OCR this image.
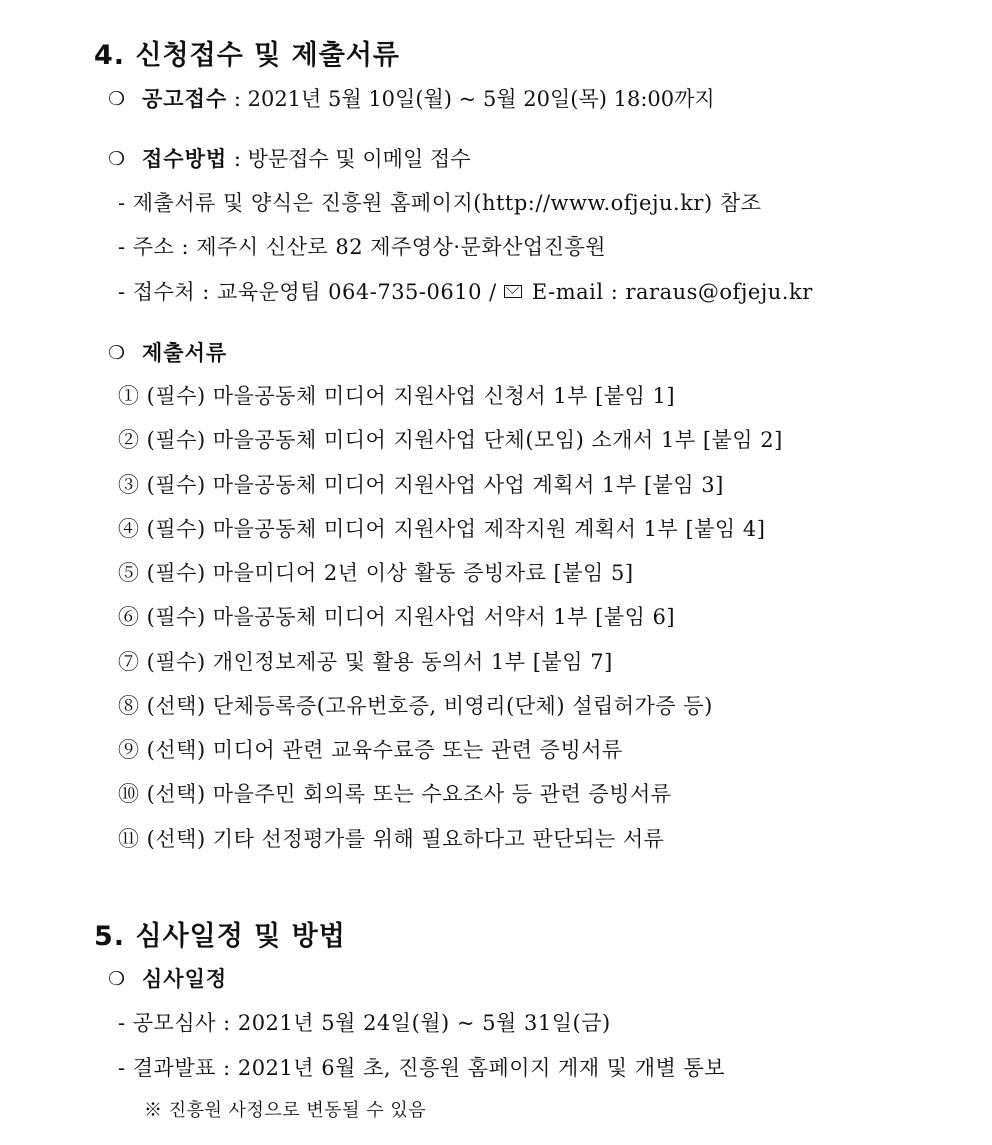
4. 신청접수 및 제출서류
❍ 공고접수 : 2021년 5월 10일(월) ~ 5월 20일(목) 18:00까지
❍ 접수방법 : 방문접수 및 이메일 접수
- 제출서류 및 양식은 진흥원 홈페이지(http://www.ofjeju.kr) 참조
- 주소 : 제주시 신산로 82 제주영상·문화산업진흥원
- 접수처 : 교육운영팀 064-735-0610 / E-mail : raraus@ofjeju.kr
❍ 제출서류
① (필수) 마을공동체 미디어 지원사업 신청서 1부 [붙임 1]
② (필수) 마을공동체 미디어 지원사업 단체(모임) 소개서 1부 [붙임 2]
③ (필수) 마을공동체 미디어 지원사업 사업 계획서 1부 [붙임 3]
④ (필수) 마을공동체 미디어 지원사업 제작지원 계획서 1부 [붙임 4]
⑤ (필수) 마을미디어 2년 이상 활동 증빙자료 [붙임 5]
⑥ (필수) 마을공동체 미디어 지원사업 서약서 1부 [붙임 6]
⑦ (필수) 개인정보제공 및 활용 동의서 1부 [붙임 7]
⑧ (선택) 단체등록증(고유번호증, 비영리(단체) 설립허가증 등)
⑨ (선택) 미디어 관련 교육수료증 또는 관련 증빙서류
⑩ (선택) 마을주민 회의록 또는 수요조사 등 관련 증빙서류
⑪ (선택) 기타 선정평가를 위해 필요하다고 판단되는 서류
5. 심사일정 및 방법
❍ 심사일정
- 공모심사 : 2021년 5월 24일(월) ~ 5월 31일(금)
- 결과발표 : 2021년 6월 초, 진흥원 홈페이지 게재 및 개별 통보
※ 진흥원 사정으로 변동될 수 있음
